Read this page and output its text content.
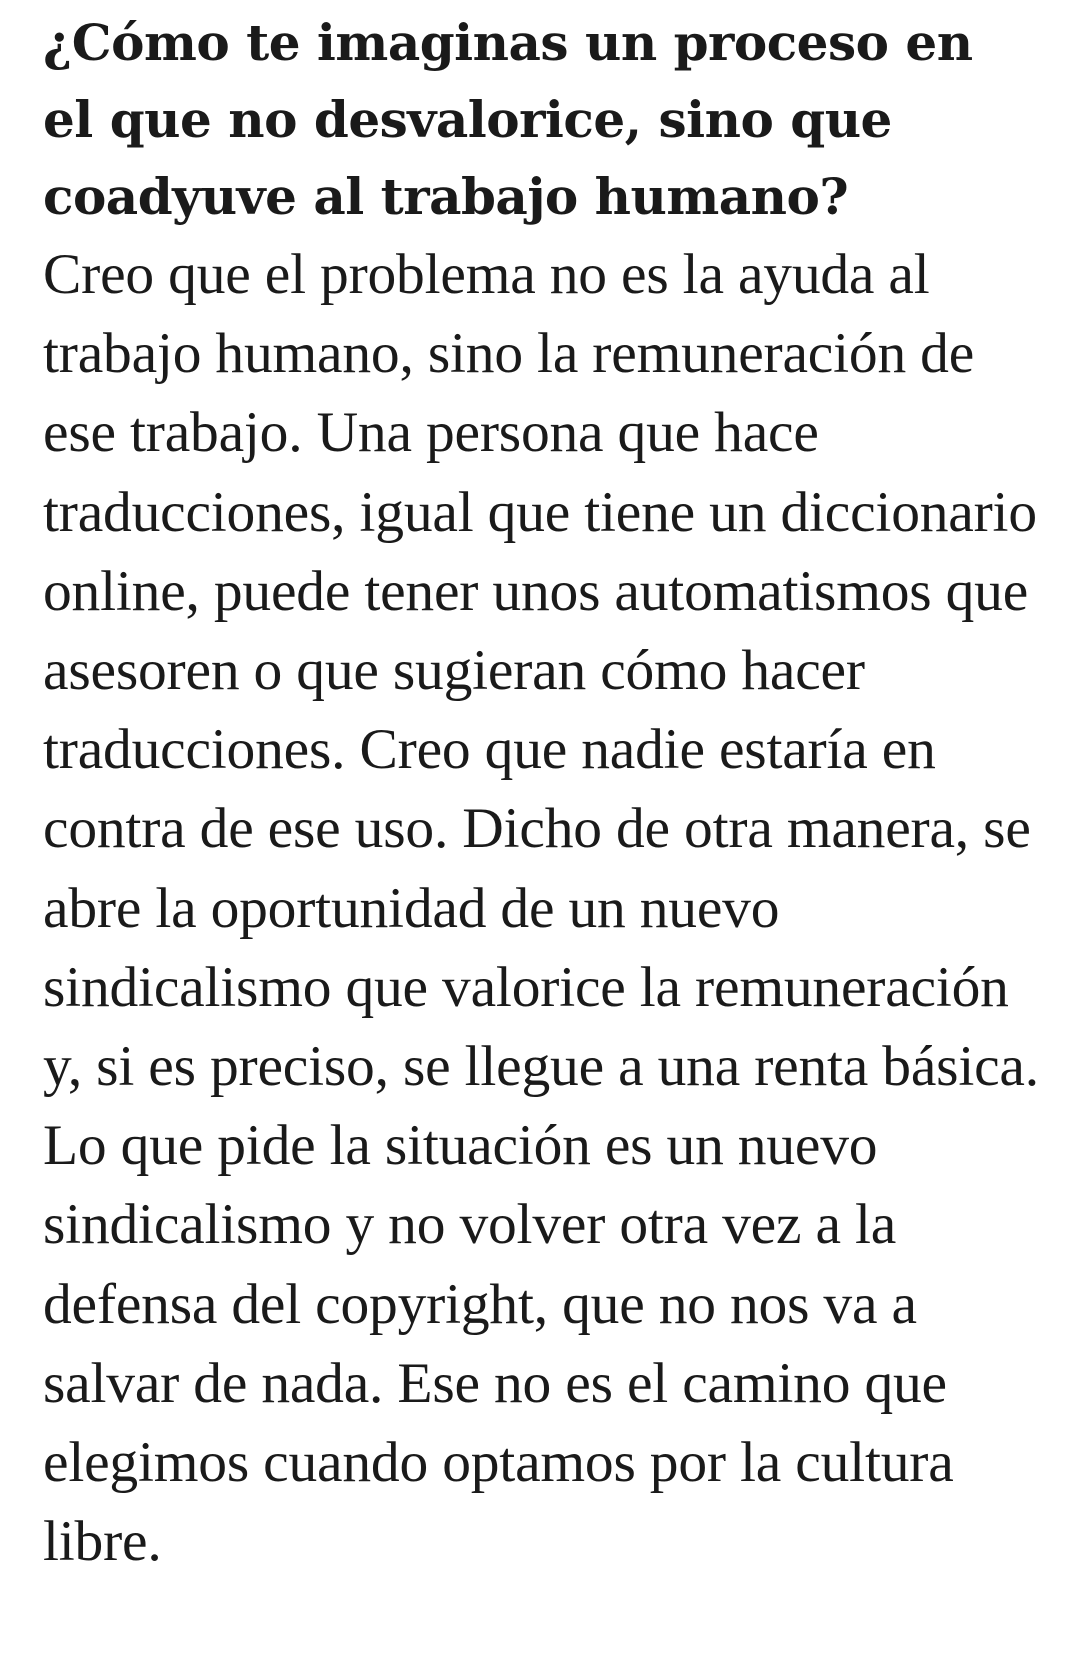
¿Cómo te imaginas un proceso en el que no desvalorice, sino que coadyuve al trabajo humano?

Creo que el problema no es la ayuda al trabajo humano, sino la remuneración de ese trabajo. Una persona que hace traducciones, igual que tiene un diccionario online, puede tener unos automatismos que asesoren o que sugieran cómo hacer traducciones. Creo que nadie estaría en contra de ese uso. Dicho de otra manera, se abre la oportunidad de un nuevo sindicalismo que valorice la remuneración y, si es preciso, se llegue a una renta básica. Lo que pide la situación es un nuevo sindicalismo y no volver otra vez a la defensa del copyright, que no nos va a salvar de nada. Ese no es el camino que elegimos cuando optamos por la cultura libre.
